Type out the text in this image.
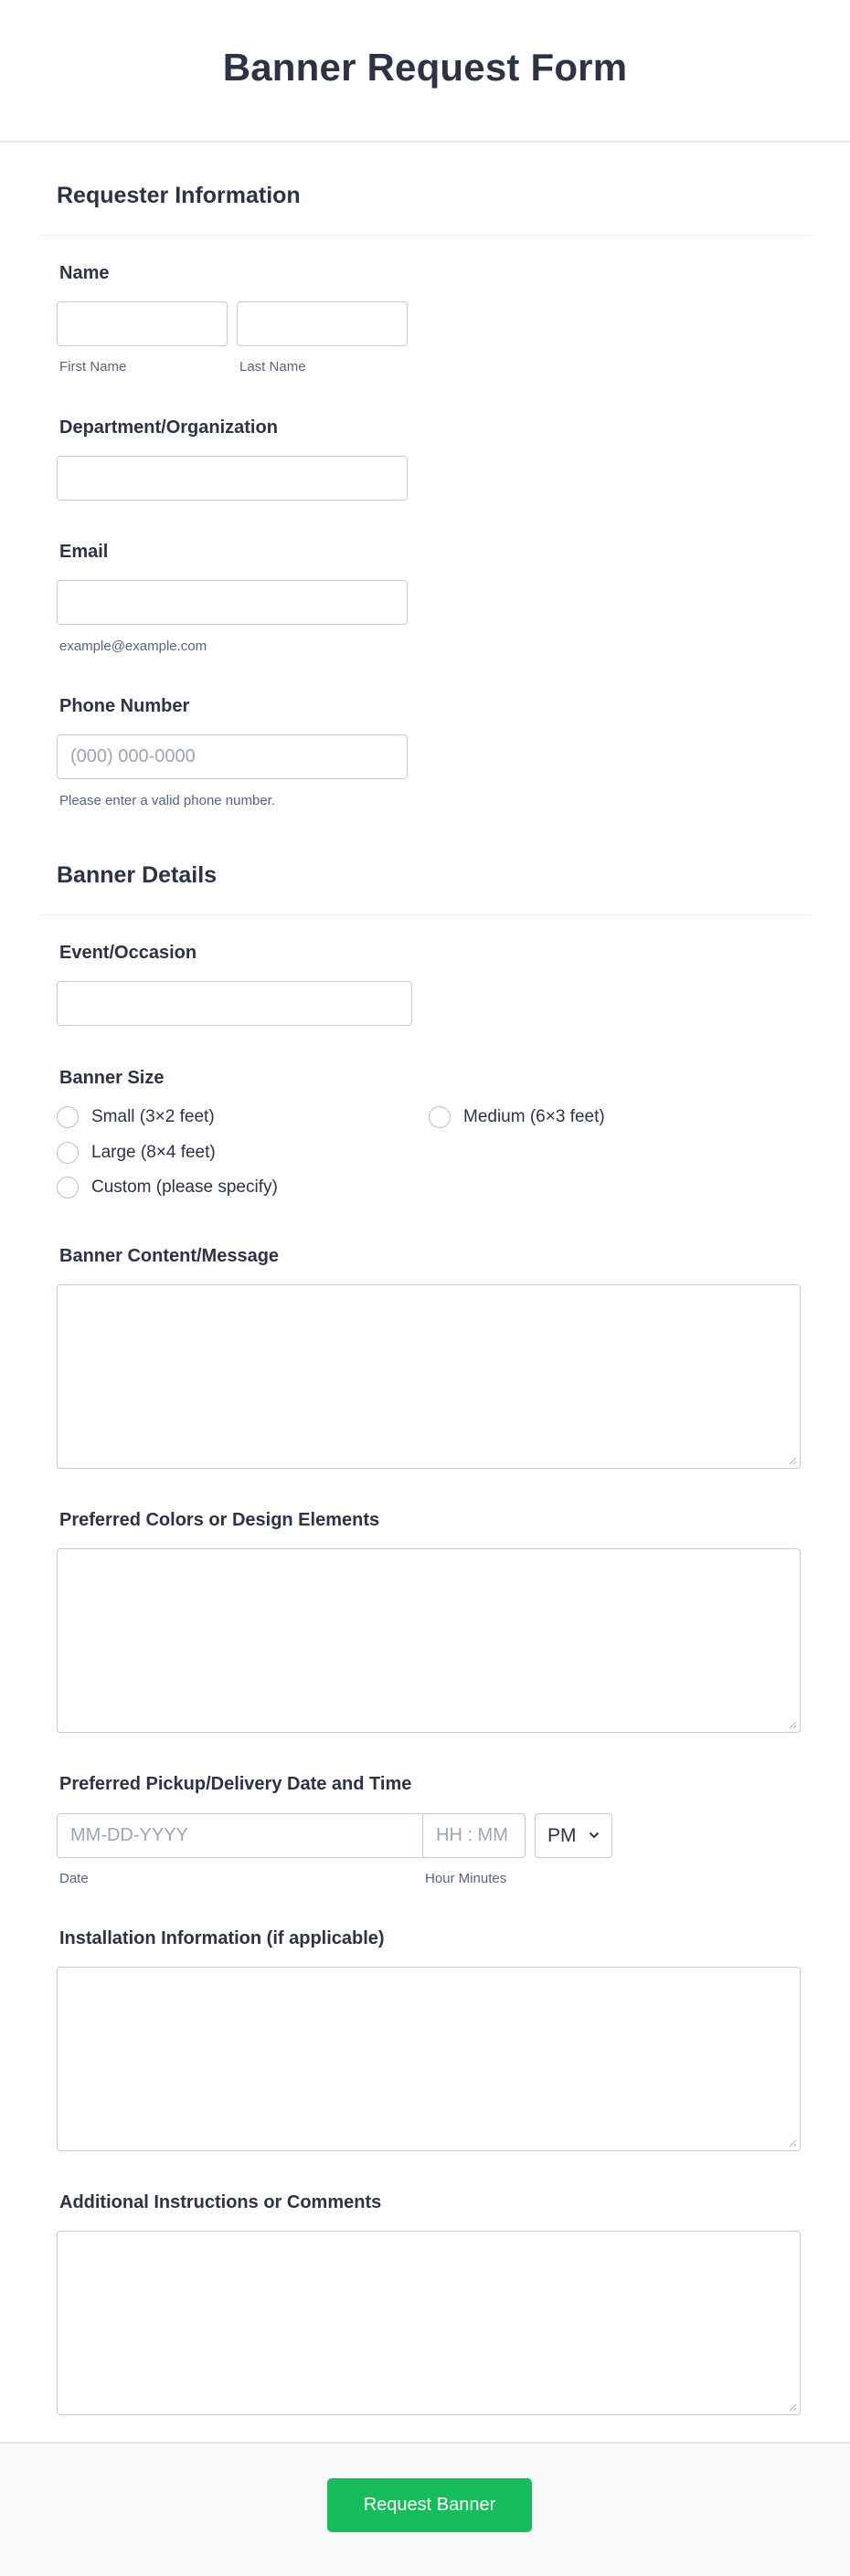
Banner Request Form
Requester Information
Name
First Name	Last Name
Department/Organization
Email
example@example.com
Phone Number
(000) 000-0000
Please enter a valid phone number.
Banner Details
Event/Occasion
Banner Size
Small (3×2 feet)	Medium (6×3 feet)
Large (8×4 feet)
Custom (please specify)
Banner Content/Message
Preferred Colors or Design Elements
Preferred Pickup/Delivery Date and Time
MM-DD-YYYY	HH : MM PM
Date	Hour Minutes
Installation Information (if applicable)
Additional Instructions or Comments
Request Banner
